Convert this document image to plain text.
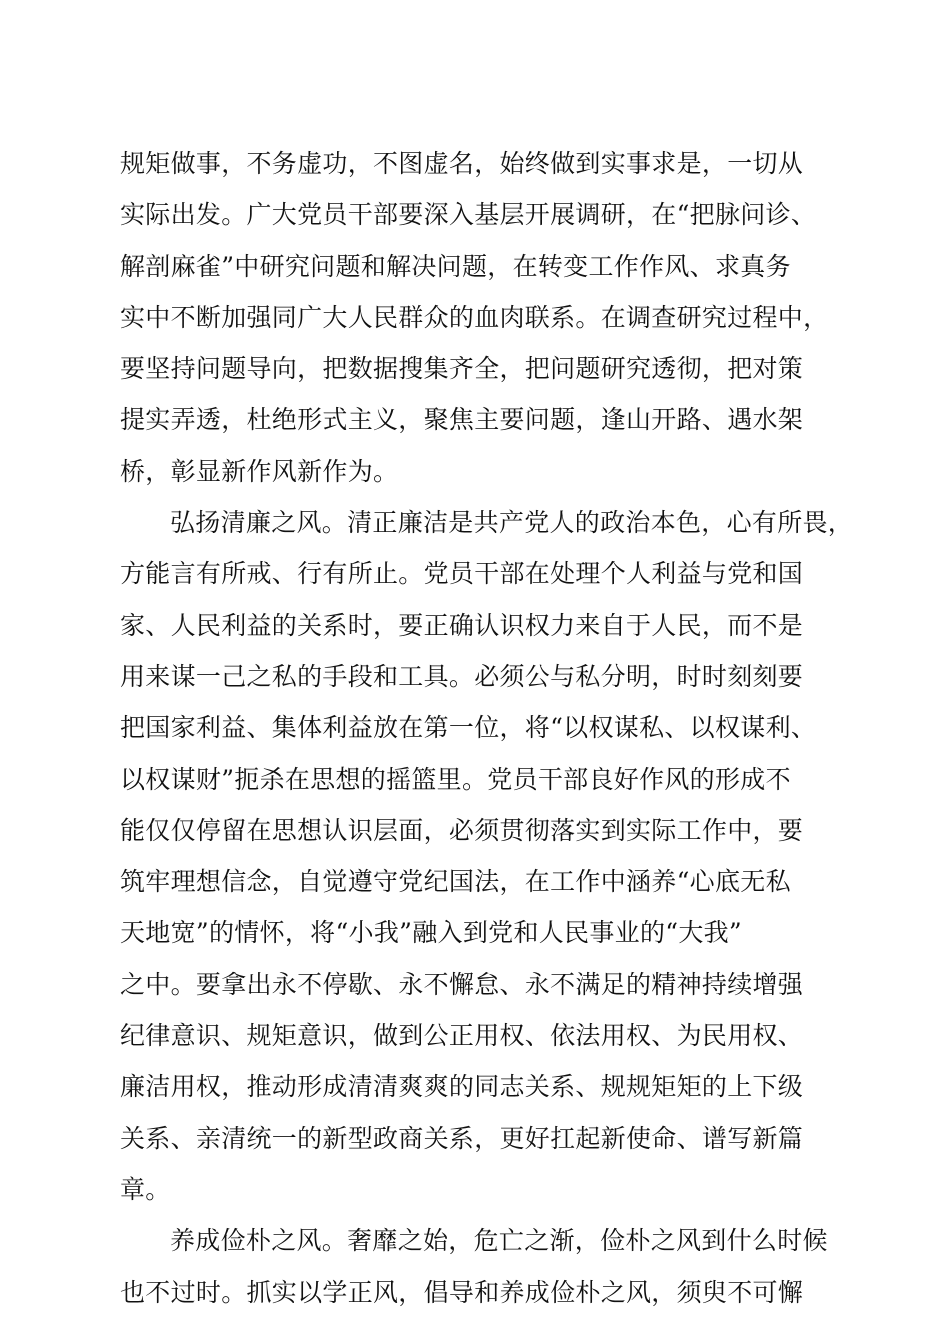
规矩做事，不务虚功，不图虚名，始终做到实事求是，一切从
实际出发。广大党员干部要深入基层开展调研，在“把脉问诊、
解剖麻雀”中研究问题和解决问题，在转变工作作风、求真务
实中不断加强同广大人民群众的血肉联系。在调查研究过程中，
要坚持问题导向，把数据搜集齐全，把问题研究透彻，把对策
提实弄透，杜绝形式主义，聚焦主要问题，逢山开路、遇水架
桥，彰显新作风新作为。
弘扬清廉之风。清正廉洁是共产党人的政治本色，心有所畏，
方能言有所戒、行有所止。党员干部在处理个人利益与党和国
家、人民利益的关系时，要正确认识权力来自于人民，而不是
用来谋一己之私的手段和工具。必须公与私分明，时时刻刻要
把国家利益、集体利益放在第一位，将“以权谋私、以权谋利、
以权谋财”扼杀在思想的摇篮里。党员干部良好作风的形成不
能仅仅停留在思想认识层面，必须贯彻落实到实际工作中，要
筑牢理想信念，自觉遵守党纪国法，在工作中涵养“心底无私
天地宽”的情怀，将“小我”融入到党和人民事业的“大我”
之中。要拿出永不停歇、永不懈怠、永不满足的精神持续增强
纪律意识、规矩意识，做到公正用权、依法用权、为民用权、
廉洁用权，推动形成清清爽爽的同志关系、规规矩矩的上下级
关系、亲清统一的新型政商关系，更好扛起新使命、谱写新篇
章。
养成俭朴之风。奢靡之始，危亡之渐，俭朴之风到什么时候
也不过时。抓实以学正风，倡导和养成俭朴之风，须臾不可懈
